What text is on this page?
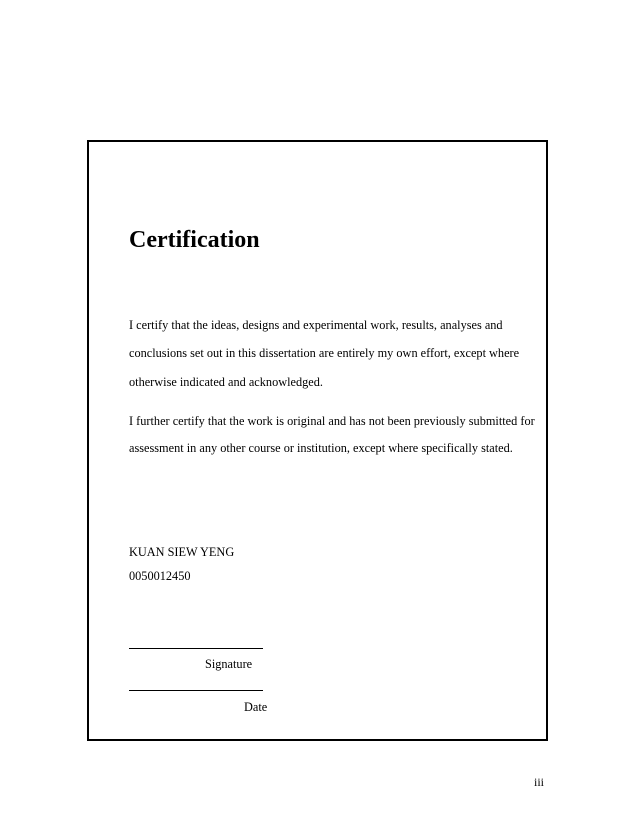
Certification
I certify that the ideas, designs and experimental work, results, analyses and
conclusions set out in this dissertation are entirely my own effort, except where
otherwise indicated and acknowledged.
I further certify that the work is original and has not been previously submitted for
assessment in any other course or institution, except where specifically stated.
KUAN SIEW YENG
0050012450
Signature
Date
iii
